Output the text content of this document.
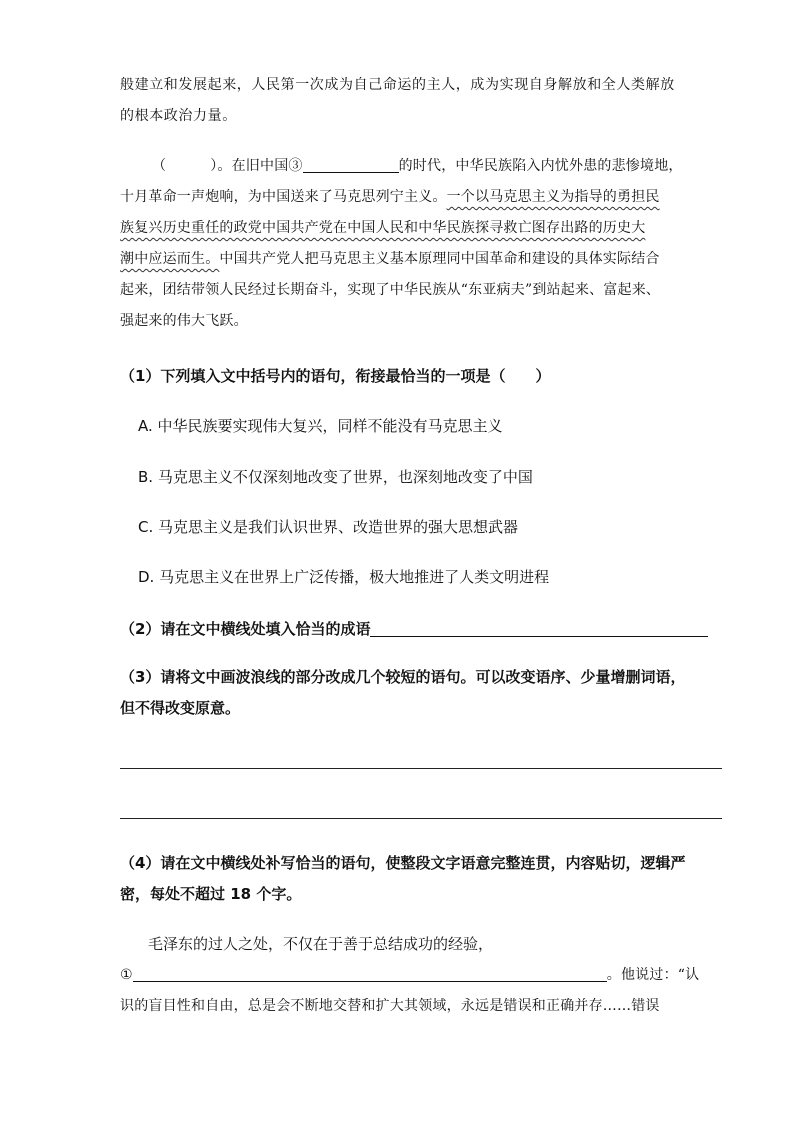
般建立和发展起来，人民第一次成为自己命运的主人，成为实现自身解放和全人类解放
的根本政治力量。

（	）。在旧中国③	的时代，中华民族陷入内忧外患的悲惨境地，
十月革命一声炮响，为中国送来了马克思列宁主义。一个以马克思主义为指导的勇担民
族复兴历史重任的政党中国共产党在中国人民和中华民族探寻救亡图存出路的历史大
潮中应运而生。中国共产党人把马克思主义基本原理同中国革命和建设的具体实际结合
起来，团结带领人民经过长期奋斗，实现了中华民族从“东亚病夫”到站起来、富起来、
强起来的伟大飞跃。

（1）下列填入文中括号内的语句，衔接最恰当的一项是（　　）

A. 中华民族要实现伟大复兴，同样不能没有马克思主义

B. 马克思主义不仅深刻地改变了世界，也深刻地改变了中国

C. 马克思主义是我们认识世界、改造世界的强大思想武器

D. 马克思主义在世界上广泛传播，极大地推进了人类文明进程

（2）请在文中横线处填入恰当的成语

（3）请将文中画波浪线的部分改成几个较短的语句。可以改变语序、少量增删词语，
但不得改变原意。

（4）请在文中横线处补写恰当的语句，使整段文字语意完整连贯，内容贴切，逻辑严
密，每处不超过 18 个字。

毛泽东的过人之处，不仅在于善于总结成功的经验，

①	。他说过：“认
识的盲目性和自由，总是会不断地交替和扩大其领域，永远是错误和正确并存……错误
